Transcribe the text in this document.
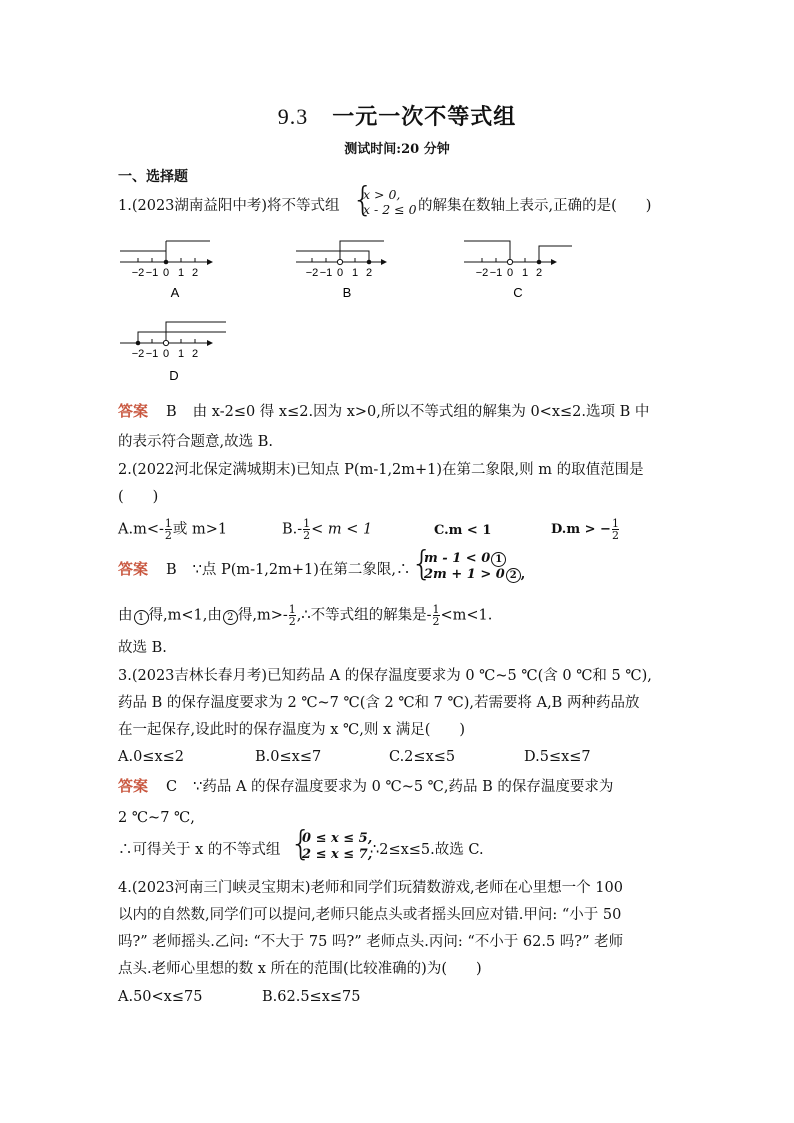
9.3 一元一次不等式组
测试时间:20 分钟
一、选择题
1.(2023湖南益阳中考)将不等式组 {
x > 0,
x - 2 ≤ 0 的解集在数轴上表示,正确的是(　　)
−2 −1 0 1 2
A
−2 −1 0 1 2
B
−2 −1 0 1 2
C
−2 −1 0 1 2
D
答案 B 由 x-2≤0 得 x≤2.因为 x>0,所以不等式组的解集为 0<x≤2.选项 B 中
的表示符合题意,故选 B.
2.(2022河北保定满城期末)已知点 P(m-1,2m+1)在第二象限,则 m 的取值范围是
(　　)
$A.m<- \frac{1}{2}$ 或 m>1	$B.- \frac{1}{2} < m < 1$	C.m < 1	D.m > − $\frac{1}{2}$
答案 B ∵点 P(m-1,2m+1)在第二象限,∴ {
m - 1 < 0 1
2m + 1 > 0 2 ,
由 1 得,m<1,由 2 得$,m>- \frac{1}{2}$ ,∴不等式组的解集是- $\frac{1}{2} <m<1$.
故选 B.
3.(2023吉林长春月考)已知药品 A 的保存温度要求为 0 ℃~5 ℃(含 0 ℃和 5 ℃),
药品 B 的保存温度要求为 2 ℃~7 ℃(含 2 ℃和 7 ℃),若需要将 A,B 两种药品放
在一起保存,设此时的保存温度为 x ℃,则 x 满足(　　)
A.0≤x≤2	B.0≤x≤7	C.2≤x≤5	D.5≤x≤7
答案 C ∵药品 A 的保存温度要求为 0 ℃~5 ℃,药品 B 的保存温度要求为
2 ℃~7 ℃,
∴可得关于 x 的不等式组 {
0 ≤ x ≤ 5,
2 ≤ x ≤ 7,
∴2≤x≤5.故选 C.
4.(2023河南三门峡灵宝期末)老师和同学们玩猜数游戏,老师在心里想一个 100
以内的自然数,同学们可以提问,老师只能点头或者摇头回应对错.甲问: “小于 50
吗?” 老师摇头.乙问: “不大于 75 吗?” 老师点头.丙问: “不小于 62.5 吗?” 老师
点头.老师心里想的数 x 所在的范围(比较准确的)为(　　)
A.50<x≤75	B.62.5≤x≤75
